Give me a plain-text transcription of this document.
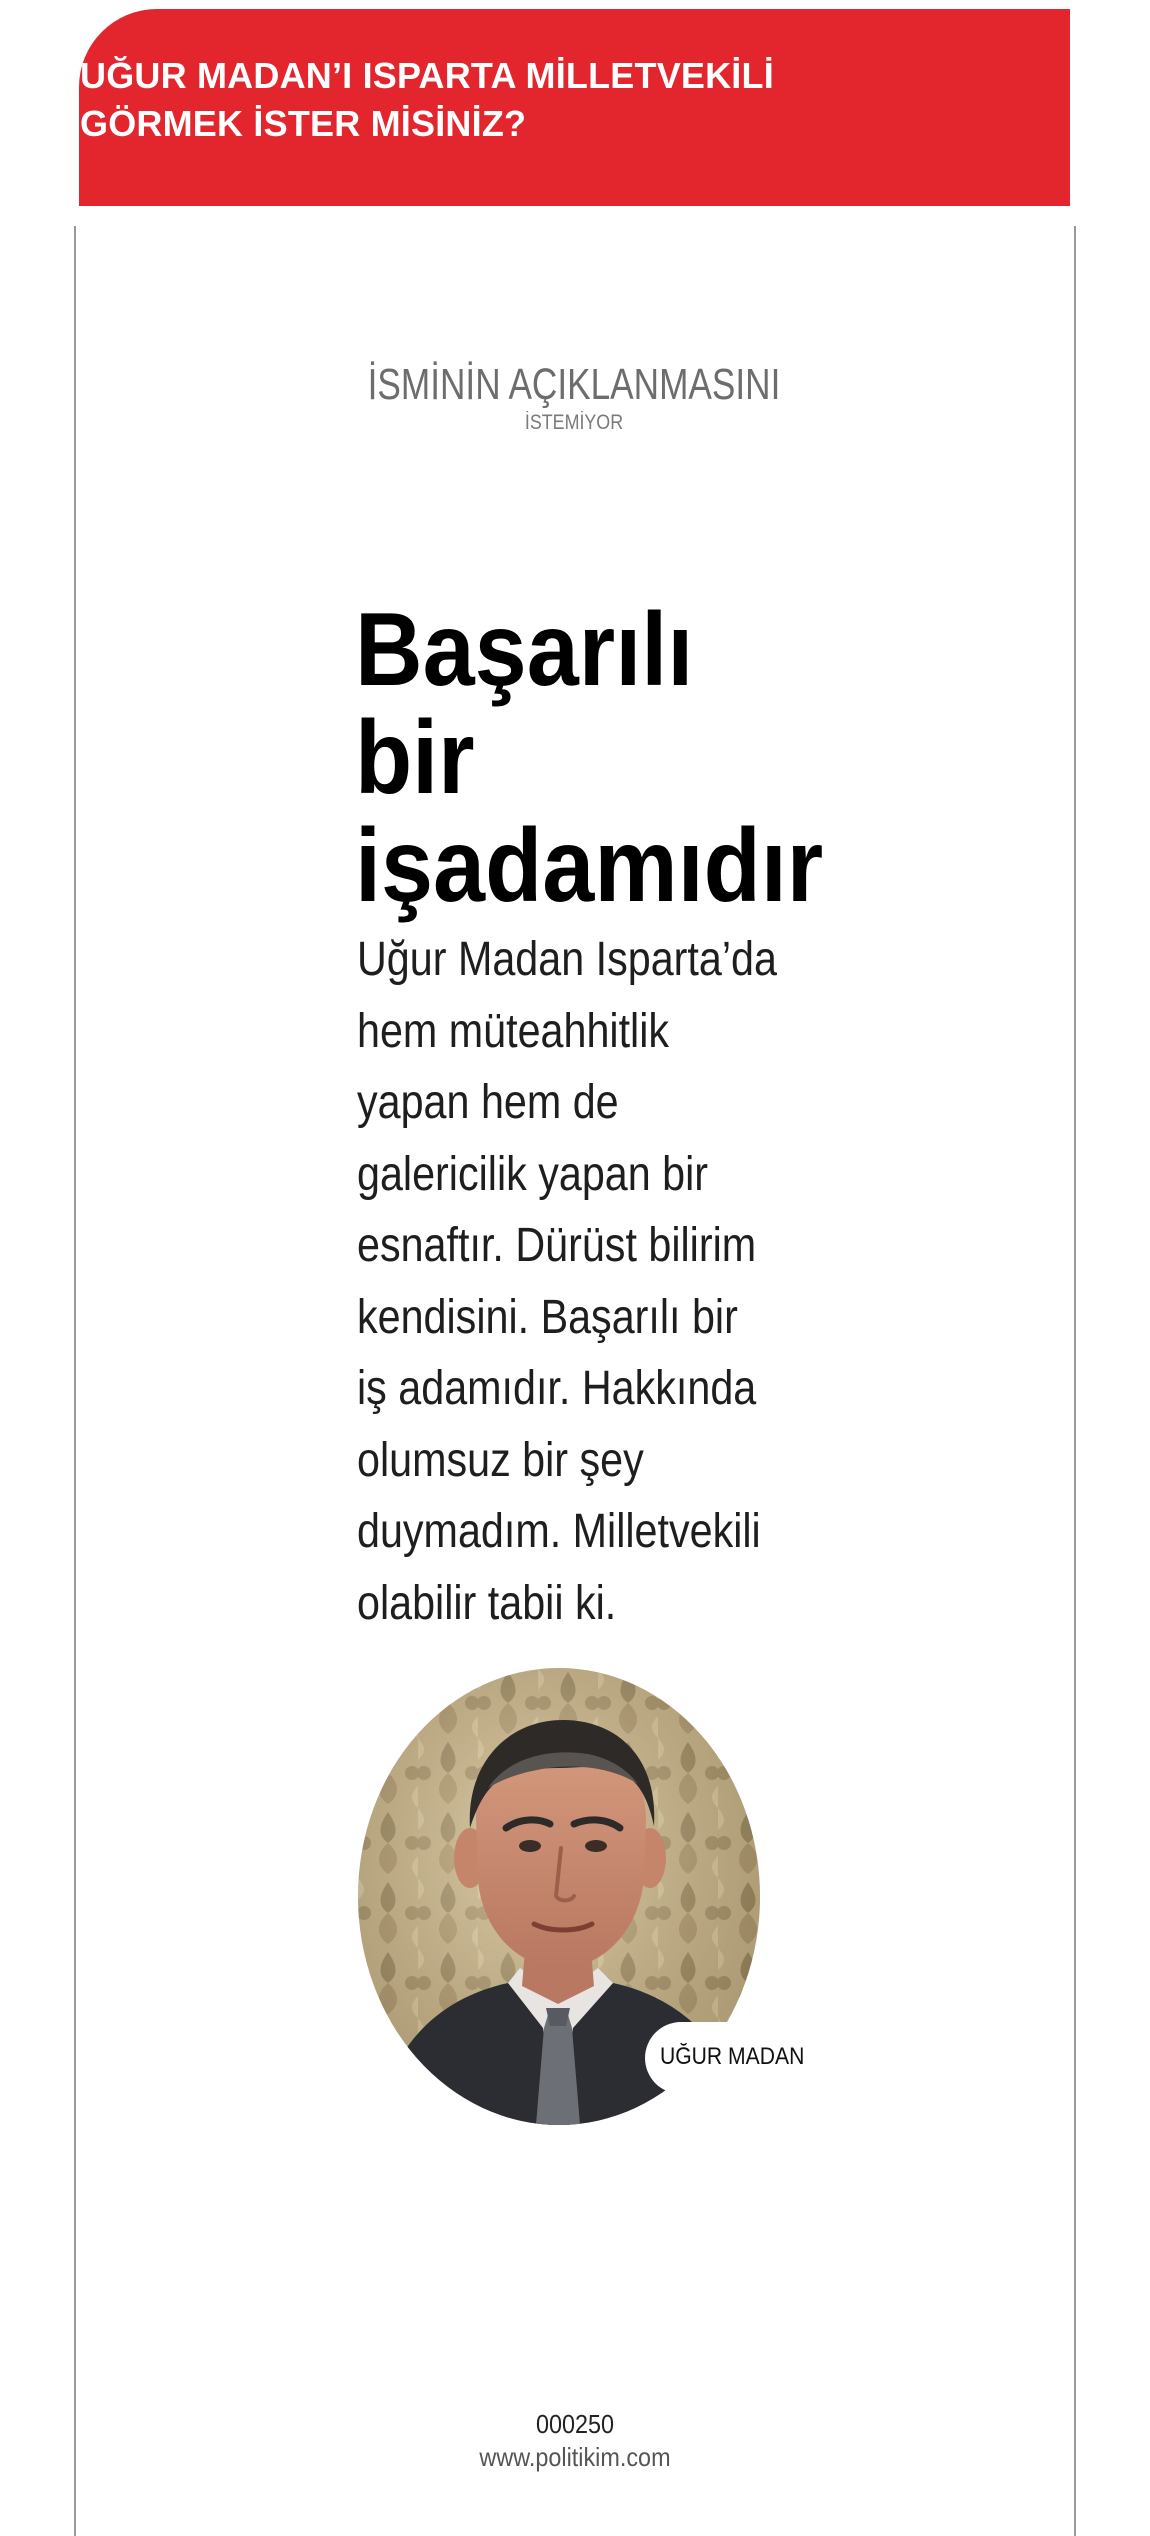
UĞUR MADAN’I ISPARTA MİLLETVEKİLİ
GÖRMEK İSTER MİSİNİZ?
İSMİNİN AÇIKLANMASINI
İSTEMİYOR
Başarılı
bir
işadamıdır

Uğur Madan Isparta’da
hem müteahhitlik
yapan hem de
galericilik yapan bir
esnaftır. Dürüst bilirim
kendisini. Başarılı bir
iş adamıdır. Hakkında
olumsuz bir şey
duymadım. Milletvekili
olabilir tabii ki.

UĞUR MADAN
000250
www.politikim.com
